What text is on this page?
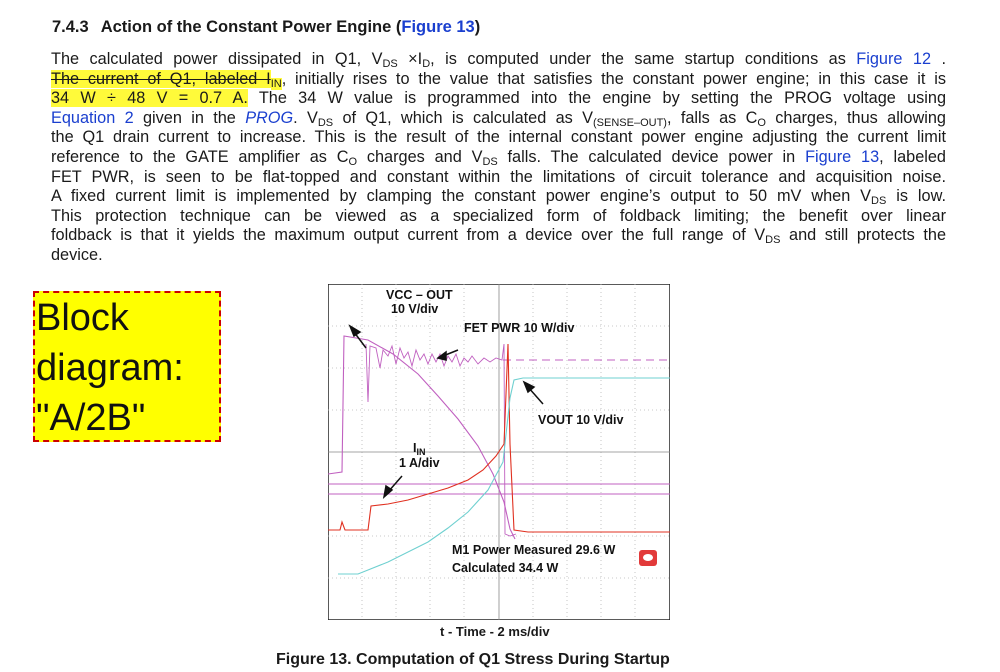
7.4.3 Action of the Constant Power Engine (Figure 13)
The calculated power dissipated in Q1, $V_{DS} \times I_D$, is computed under the same startup conditions as Figure 12 .
The current of Q1, labeled $I_{IN}$, initially rises to the value that satisfies the constant power engine; in this case it is
34 W ÷ 48 V = 0.7 A. The 34 W value is programmed into the engine by setting the PROG voltage using
Equation 2 given in the PROG. $V_{DS}$ of Q1, which is calculated as $V_{(SENSE-OUT)}$, falls as $C_O$ charges, thus allowing
the Q1 drain current to increase. This is the result of the internal constant power engine adjusting the current limit
reference to the GATE amplifier as $C_O$ charges and $V_{DS}$ falls. The calculated device power in Figure 13, labeled
FET PWR, is seen to be flat-topped and constant within the limitations of circuit tolerance and acquisition noise.
A fixed current limit is implemented by clamping the constant power engine’s output to 50 mV when $V_{DS}$ is low.
This protection technique can be viewed as a specialized form of foldback limiting; the benefit over linear
foldback is that it yields the maximum output current from a device over the full range of $V_{DS}$ and still protects the
device.
Block
diagram:
"A/2B"
VCC – OUT
10 V/div
FET PWR 10 W/div
VOUT 10 V/div
$I_{IN}$
1 A/div
M1 Power Measured 29.6 W
Calculated 34.4 W
t - Time - 2 ms/div
Figure 13. Computation of Q1 Stress During Startup
